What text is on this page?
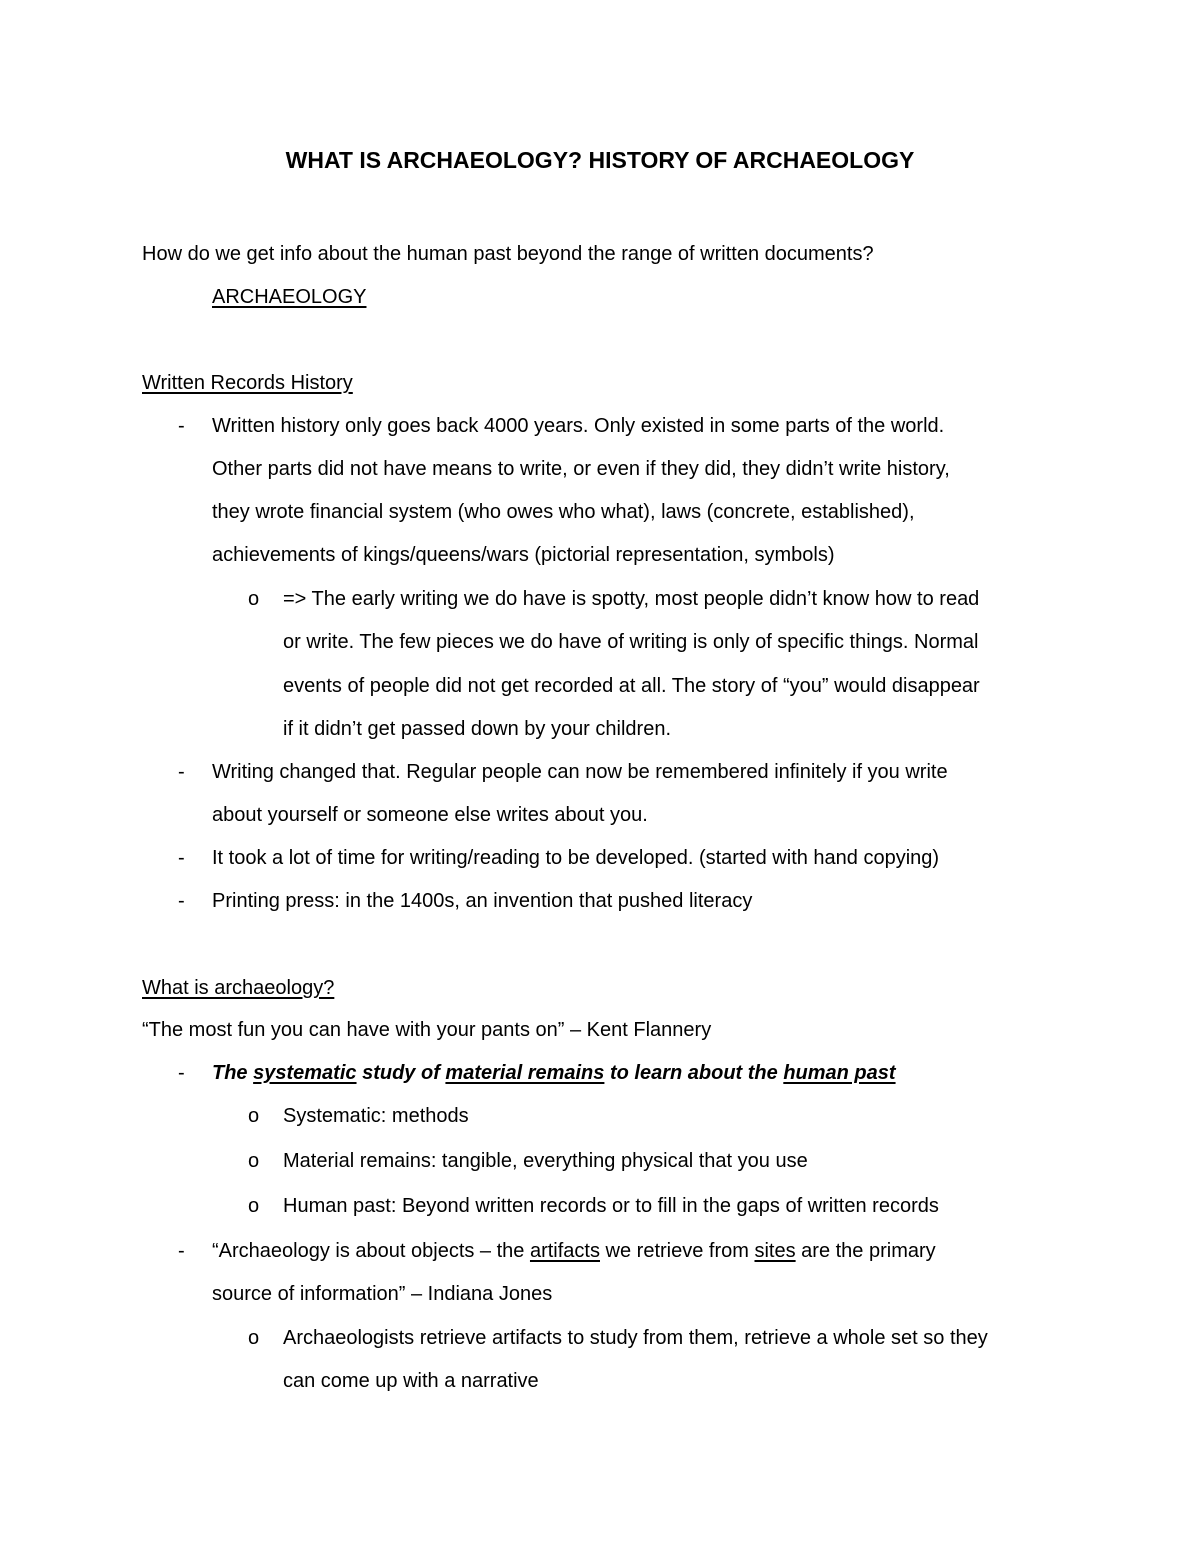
WHAT IS ARCHAEOLOGY? HISTORY OF ARCHAEOLOGY
How do we get info about the human past beyond the range of written documents?
ARCHAEOLOGY
Written Records History
- Written history only goes back 4000 years. Only existed in some parts of the world.
Other parts did not have means to write, or even if they did, they didn’t write history,
they wrote financial system (who owes who what), laws (concrete, established),
achievements of kings/queens/wars (pictorial representation, symbols)
o => The early writing we do have is spotty, most people didn’t know how to read
or write. The few pieces we do have of writing is only of specific things. Normal
events of people did not get recorded at all. The story of “you” would disappear
if it didn’t get passed down by your children.
- Writing changed that. Regular people can now be remembered infinitely if you write
about yourself or someone else writes about you.
- It took a lot of time for writing/reading to be developed. (started with hand copying)
- Printing press: in the 1400s, an invention that pushed literacy
What is archaeology?
“The most fun you can have with your pants on” – Kent Flannery
- The systematic study of material remains to learn about the human past
o Systematic: methods
o Material remains: tangible, everything physical that you use
o Human past: Beyond written records or to fill in the gaps of written records
- “Archaeology is about objects – the artifacts we retrieve from sites are the primary
source of information” – Indiana Jones
o Archaeologists retrieve artifacts to study from them, retrieve a whole set so they
can come up with a narrative
